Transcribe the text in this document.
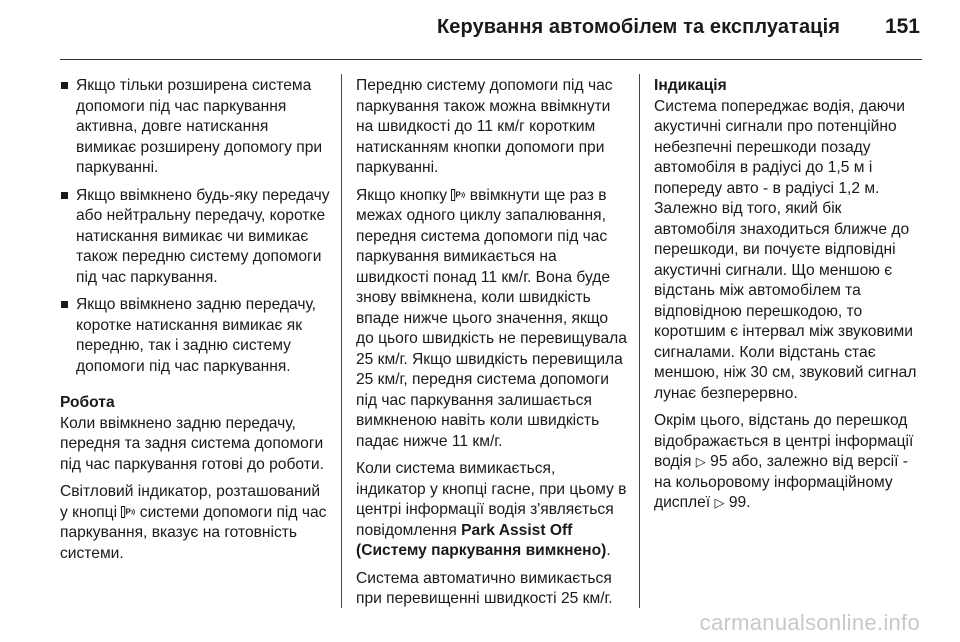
Керування автомобілем та експлуатація 151
Якщо тільки розширена система допомоги під час паркування активна, довге натискання вимикає розширену допомогу при паркуванні.
Якщо ввімкнено будь-яку передачу або нейтральну передачу, коротке натискання вимикає чи вимикає також передню систему допомоги під час паркування.
Якщо ввімкнено задню передачу, коротке натискання вимикає як передню, так і задню систему допомоги під час паркування.

Робота

Коли ввімкнено задню передачу, передня та задня система допомоги під час паркування готові до роботи.

Світловий індикатор, розташований у кнопці P системи допомоги під час паркування, вказує на готовність системи.

Передню систему допомоги під час паркування також можна ввімкнути на швидкості до 11 км/г коротким натисканням кнопки допомоги при паркуванні.

Якщо кнопку P ввімкнути ще раз в межах одного циклу запалювання, передня система допомоги під час паркування вимикається на швидкості понад 11 км/г. Вона буде знову ввімкнена, коли швидкість впаде нижче цього значення, якщо до цього швидкість не перевищувала 25 км/г. Якщо швидкість перевищила 25 км/г, передня система допомоги під час паркування залишається вимкненою навіть коли швидкість падає нижче 11 км/г.

Коли система вимикається, індикатор у кнопці гасне, при цьому в центрі інформації водія з'являється повідомлення Park Assist Off (Систему паркування вимкнено).

Система автоматично вимикається при перевищенні швидкості 25 км/г.

Індикація

Система попереджає водія, даючи акустичні сигнали про потенційно небезпечні перешкоди позаду автомобіля в радіусі до 1,5 м і попереду авто - в радіусі 1,2 м. Залежно від того, який бік автомобіля знаходиться ближче до перешкоди, ви почуєте відповідні акустичні сигнали. Що меншою є відстань між автомобілем та відповідною перешкодою, то коротшим є інтервал між звуковими сигналами. Коли відстань стає меншою, ніж 30 см, звуковий сигнал лунає безперервно.

Окрім цього, відстань до перешкод відображається в центрі інформації водія ▷ 95 або, залежно від версії - на кольоровому інформаційному дисплеї ▷ 99.

carmanualsonline.info
